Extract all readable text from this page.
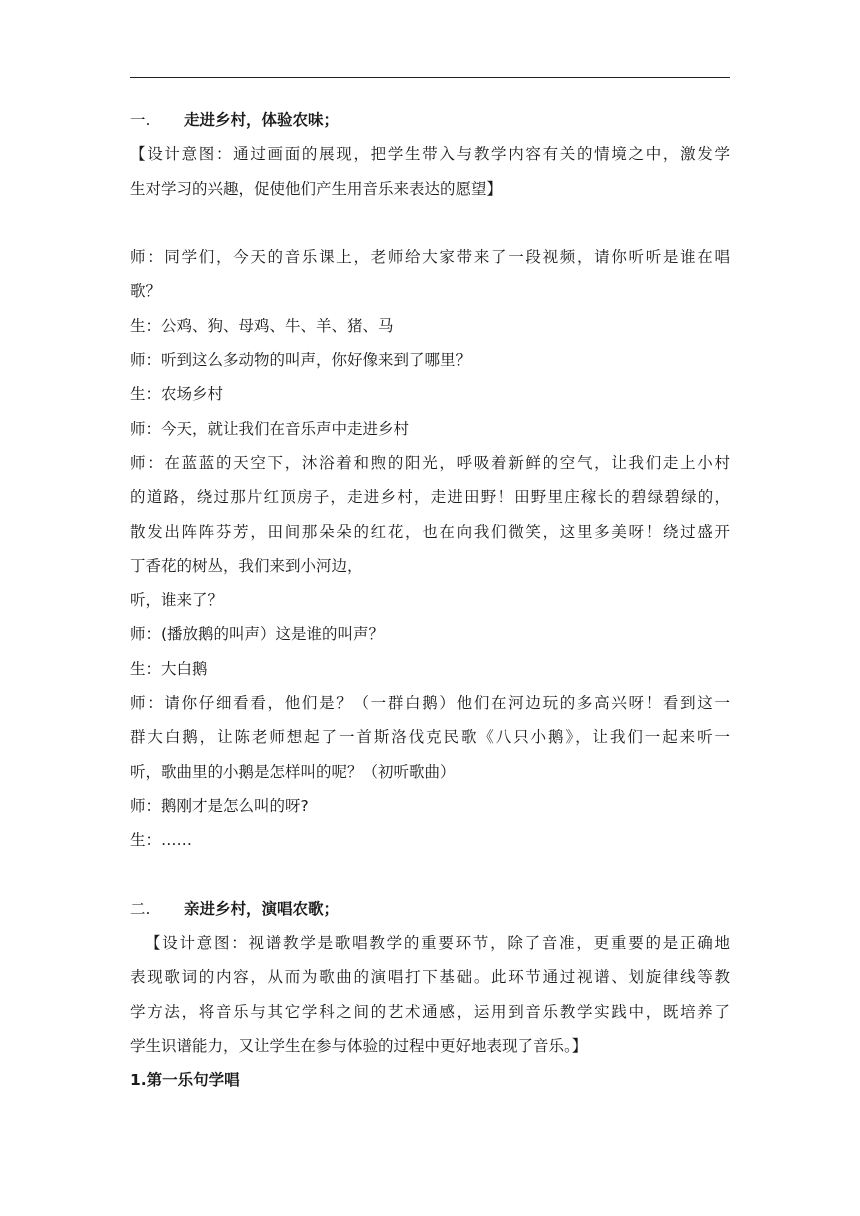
一. 走进乡村，体验农味；
【设计意图：通过画面的展现，把学生带入与教学内容有关的情境之中，激发学
生对学习的兴趣，促使他们产生用音乐来表达的愿望】
师：同学们，今天的音乐课上，老师给大家带来了一段视频，请你听听是谁在唱
歌？
生：公鸡、狗、母鸡、牛、羊、猪、马
师：听到这么多动物的叫声，你好像来到了哪里？
生：农场乡村
师：今天，就让我们在音乐声中走进乡村
师：在蓝蓝的天空下，沐浴着和煦的阳光，呼吸着新鲜的空气，让我们走上小村
的道路，绕过那片红顶房子，走进乡村，走进田野！田野里庄稼长的碧绿碧绿的，
散发出阵阵芬芳，田间那朵朵的红花，也在向我们微笑，这里多美呀！绕过盛开
丁香花的树丛，我们来到小河边，
听，谁来了？
师：(播放鹅的叫声）这是谁的叫声？
生：大白鹅
师：请你仔细看看，他们是？（一群白鹅）他们在河边玩的多高兴呀！看到这一
群大白鹅，让陈老师想起了一首斯洛伐克民歌《八只小鹅》，让我们一起来听一
听，歌曲里的小鹅是怎样叫的呢？（初听歌曲）
师：鹅刚才是怎么叫的呀?
生：……
二. 亲进乡村，演唱农歌；
【设计意图：视谱教学是歌唱教学的重要环节，除了音准，更重要的是正确地
表现歌词的内容，从而为歌曲的演唱打下基础。此环节通过视谱、划旋律线等教
学方法，将音乐与其它学科之间的艺术通感，运用到音乐教学实践中，既培养了
学生识谱能力，又让学生在参与体验的过程中更好地表现了音乐。】
1.第一乐句学唱
